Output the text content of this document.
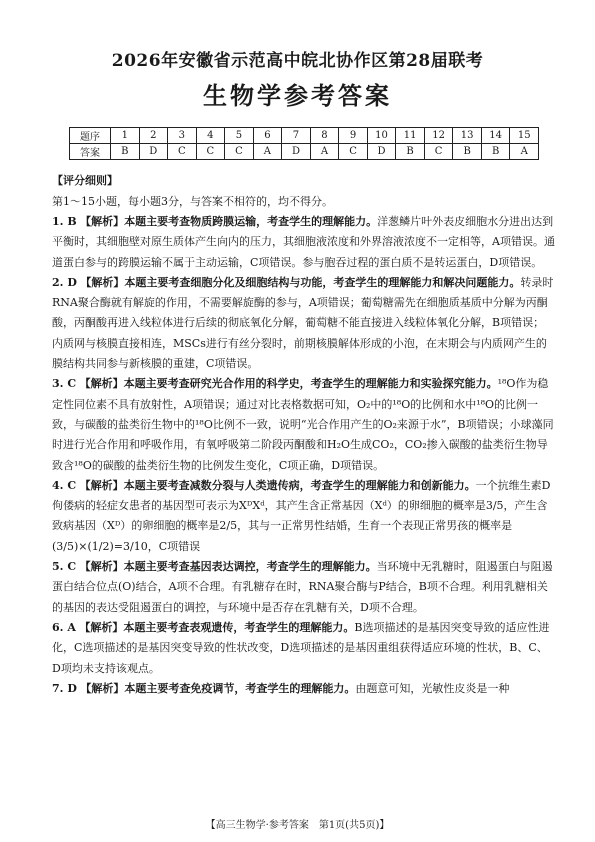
2026年安徽省示范高中皖北协作区第28届联考
生物学参考答案
题序	1	2	3	4	5	6	7	8	9	10	11	12	13	14	15
答案	B	D	C	C	C	A	D	A	C	D	B	C	B	B	A
【评分细则】
第1～15小题，每小题3分，与答案不相符的，均不得分。

1. B 【解析】本题主要考查物质跨膜运输，考查学生的理解能力。洋葱鳞片叶外表皮细胞水分进出达到平衡时，其细胞壁对原生质体产生向内的压力，其细胞液浓度和外界溶液浓度不一定相等，A项错误。通道蛋白参与的跨膜运输不属于主动运输，C项错误。参与胞吞过程的蛋白质不是转运蛋白，D项错误。

2. D 【解析】本题主要考查细胞分化及细胞结构与功能，考查学生的理解能力和解决问题能力。转录时RNA聚合酶就有解旋的作用，不需要解旋酶的参与，A项错误；葡萄糖需先在细胞质基质中分解为丙酮酸，丙酮酸再进入线粒体进行后续的彻底氧化分解，葡萄糖不能直接进入线粒体氧化分解，B项错误；内质网与核膜直接相连，MSCs进行有丝分裂时，前期核膜解体形成的小泡，在末期会与内质网产生的膜结构共同参与新核膜的重建，C项错误。

3. C 【解析】本题主要考查研究光合作用的科学史，考查学生的理解能力和实验探究能力。¹⁸O作为稳定性同位素不具有放射性，A项错误；通过对比表格数据可知，O₂中的¹⁸O的比例和水中¹⁸O的比例一致，与碳酸的盐类衍生物中的¹⁸O比例不一致，说明“光合作用产生的O₂来源于水”，B项错误；小球藻同时进行光合作用和呼吸作用，有氧呼吸第二阶段丙酮酸和H₂O生成CO₂，CO₂掺入碳酸的盐类衍生物导致含¹⁸O的碳酸的盐类衍生物的比例发生变化，C项正确，D项错误。

4. C 【解析】本题主要考查减数分裂与人类遗传病，考查学生的理解能力和创新能力。一个抗维生素D佝偻病的轻症女患者的基因型可表示为XᴰXᵈ，其产生含正常基因（Xᵈ）的卵细胞的概率是3/5，产生含致病基因（Xᴰ）的卵细胞的概率是2/5，其与一正常男性结婚，生育一个表现正常男孩的概率是(3/5)×(1/2)=3/10，C项错误

5. C 【解析】本题主要考查基因表达调控，考查学生的理解能力。当环境中无乳糖时，阻遏蛋白与阻遏蛋白结合位点(O)结合，A项不合理。有乳糖存在时，RNA聚合酶与P结合，B项不合理。利用乳糖相关的基因的表达受阻遏蛋白的调控，与环境中是否存在乳糖有关，D项不合理。

6. A 【解析】本题主要考查表观遗传，考查学生的理解能力。B选项描述的是基因突变导致的适应性进化，C选项描述的是基因突变导致的性状改变，D选项描述的是基因重组获得适应环境的性状，B、C、D项均未支持该观点。

7. D 【解析】本题主要考查免疫调节，考查学生的理解能力。由题意可知，光敏性皮炎是一种

【高三生物学·参考答案　第1页(共5页)】
